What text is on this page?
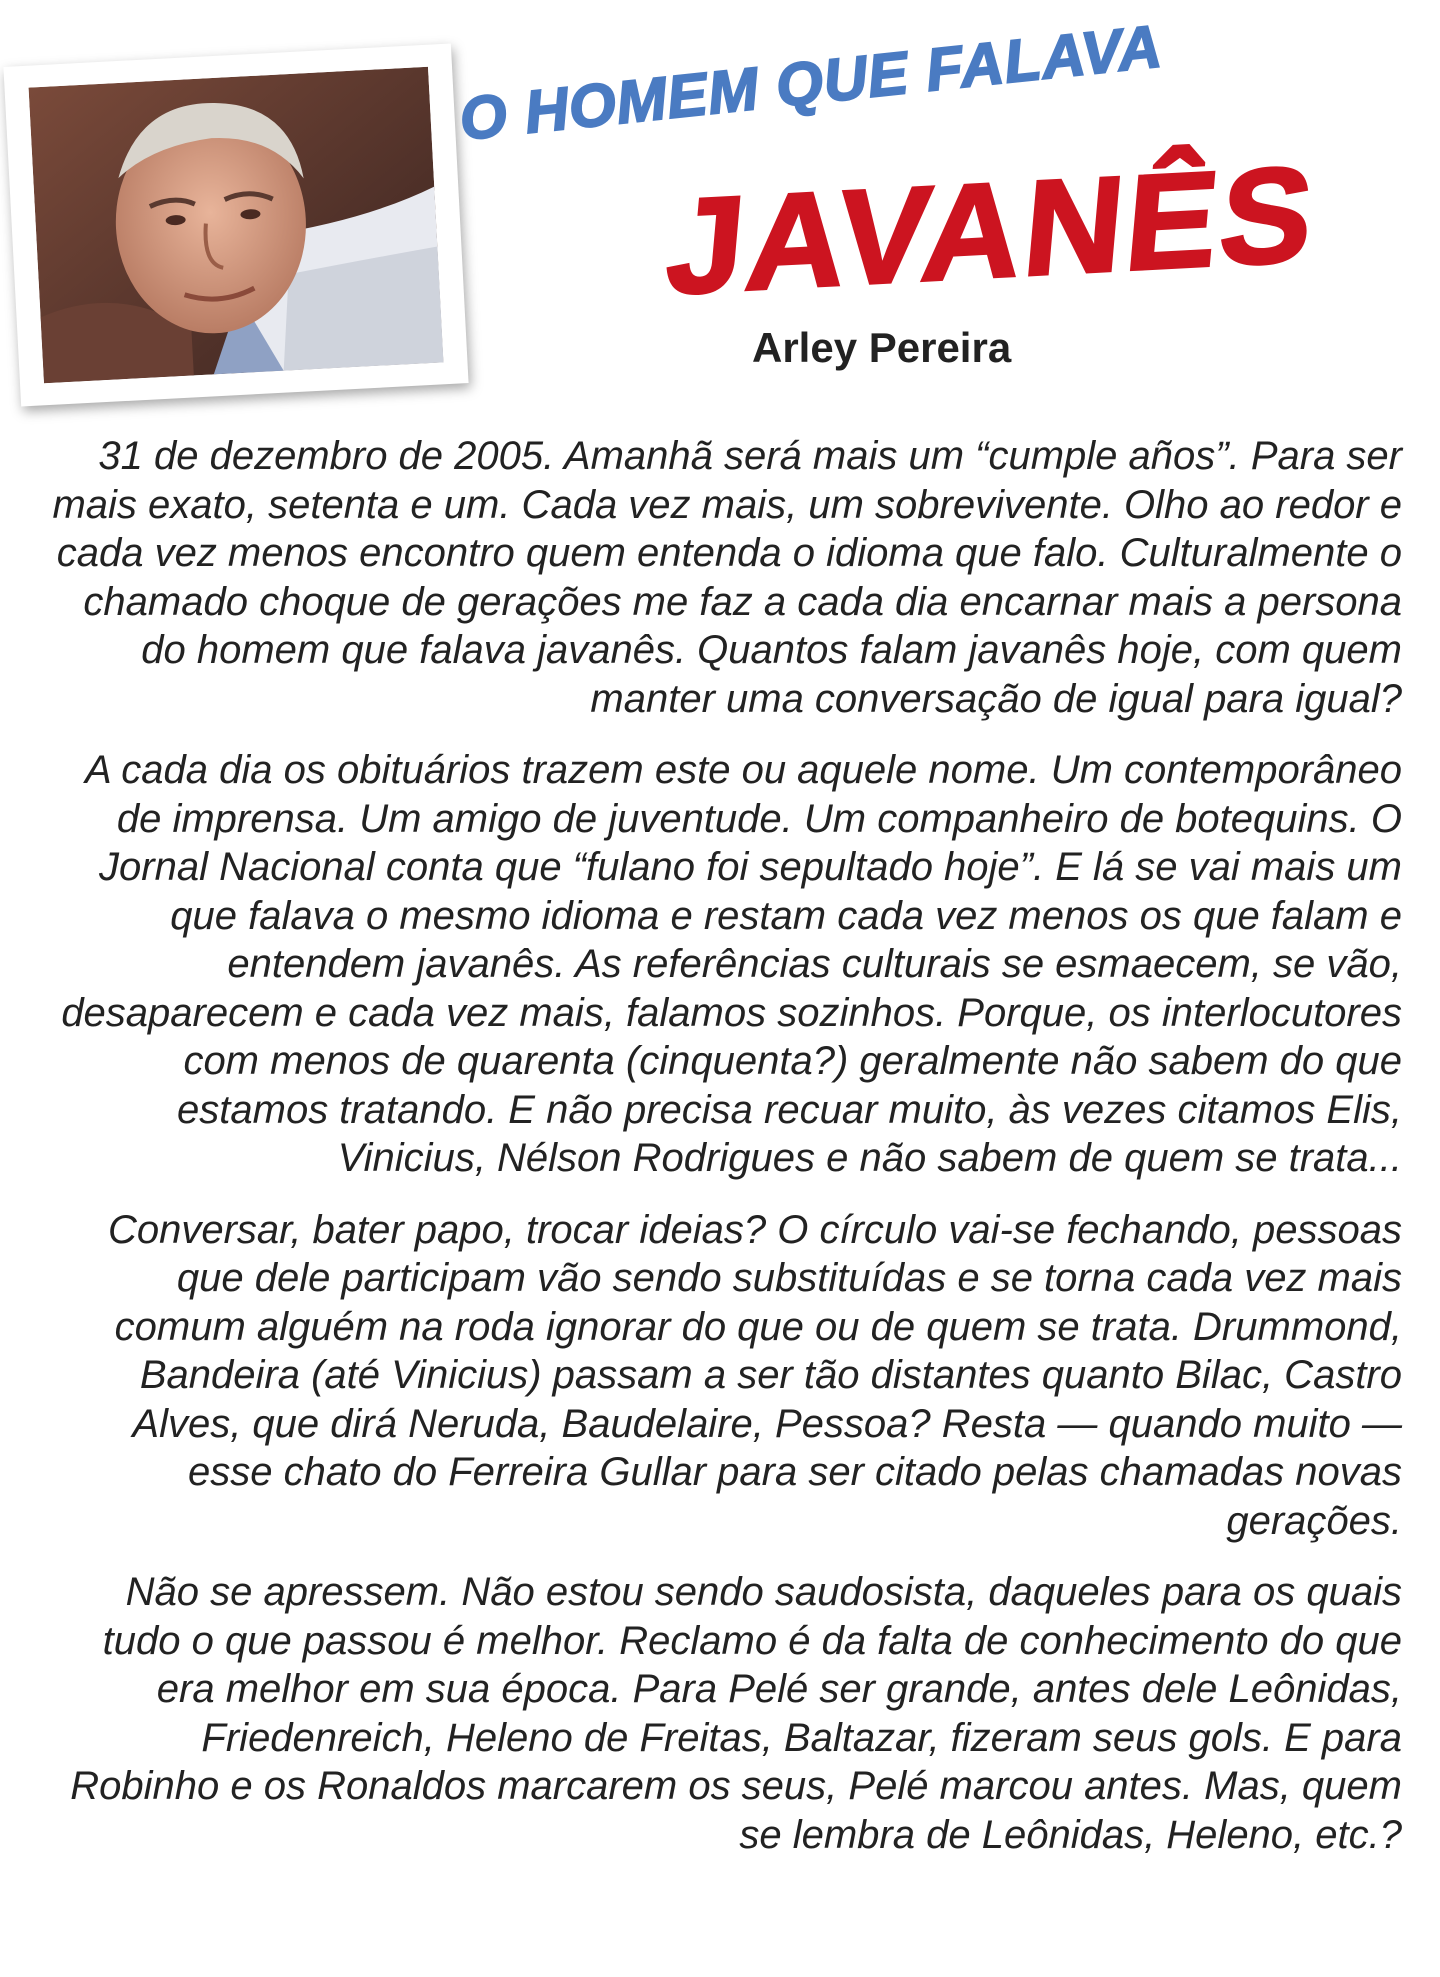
O HOMEM QUE FALAVA
JAVANÊS
Arley Pereira

31 de dezembro de 2005. Amanhã será mais um “cumple años”. Para ser mais exato, setenta e um. Cada vez mais, um sobrevivente. Olho ao redor e cada vez menos encontro quem entenda o idioma que falo. Culturalmente o chamado choque de gerações me faz a cada dia encarnar mais a persona do homem que falava javanês. Quantos falam javanês hoje, com quem manter uma conversação de igual para igual?

A cada dia os obituários trazem este ou aquele nome. Um contemporâneo de imprensa. Um amigo de juventude. Um companheiro de botequins. O Jornal Nacional conta que “fulano foi sepultado hoje”. E lá se vai mais um que falava o mesmo idioma e restam cada vez menos os que falam e entendem javanês. As referências culturais se esmaecem, se vão, desaparecem e cada vez mais, falamos sozinhos. Porque, os interlocutores com menos de quarenta (cinquenta?) geralmente não sabem do que estamos tratando. E não precisa recuar muito, às vezes citamos Elis, Vinicius, Nélson Rodrigues e não sabem de quem se trata...

Conversar, bater papo, trocar ideias? O círculo vai-se fechando, pessoas que dele participam vão sendo substituídas e se torna cada vez mais comum alguém na roda ignorar do que ou de quem se trata. Drummond, Bandeira (até Vinicius) passam a ser tão distantes quanto Bilac, Castro Alves, que dirá Neruda, Baudelaire, Pessoa? Resta — quando muito — esse chato do Ferreira Gullar para ser citado pelas chamadas novas gerações.

Não se apressem. Não estou sendo saudosista, daqueles para os quais tudo o que passou é melhor. Reclamo é da falta de conhecimento do que era melhor em sua época. Para Pelé ser grande, antes dele Leônidas, Friedenreich, Heleno de Freitas, Baltazar, fizeram seus gols. E para Robinho e os Ronaldos marcarem os seus, Pelé marcou antes. Mas, quem se lembra de Leônidas, Heleno, etc.?
